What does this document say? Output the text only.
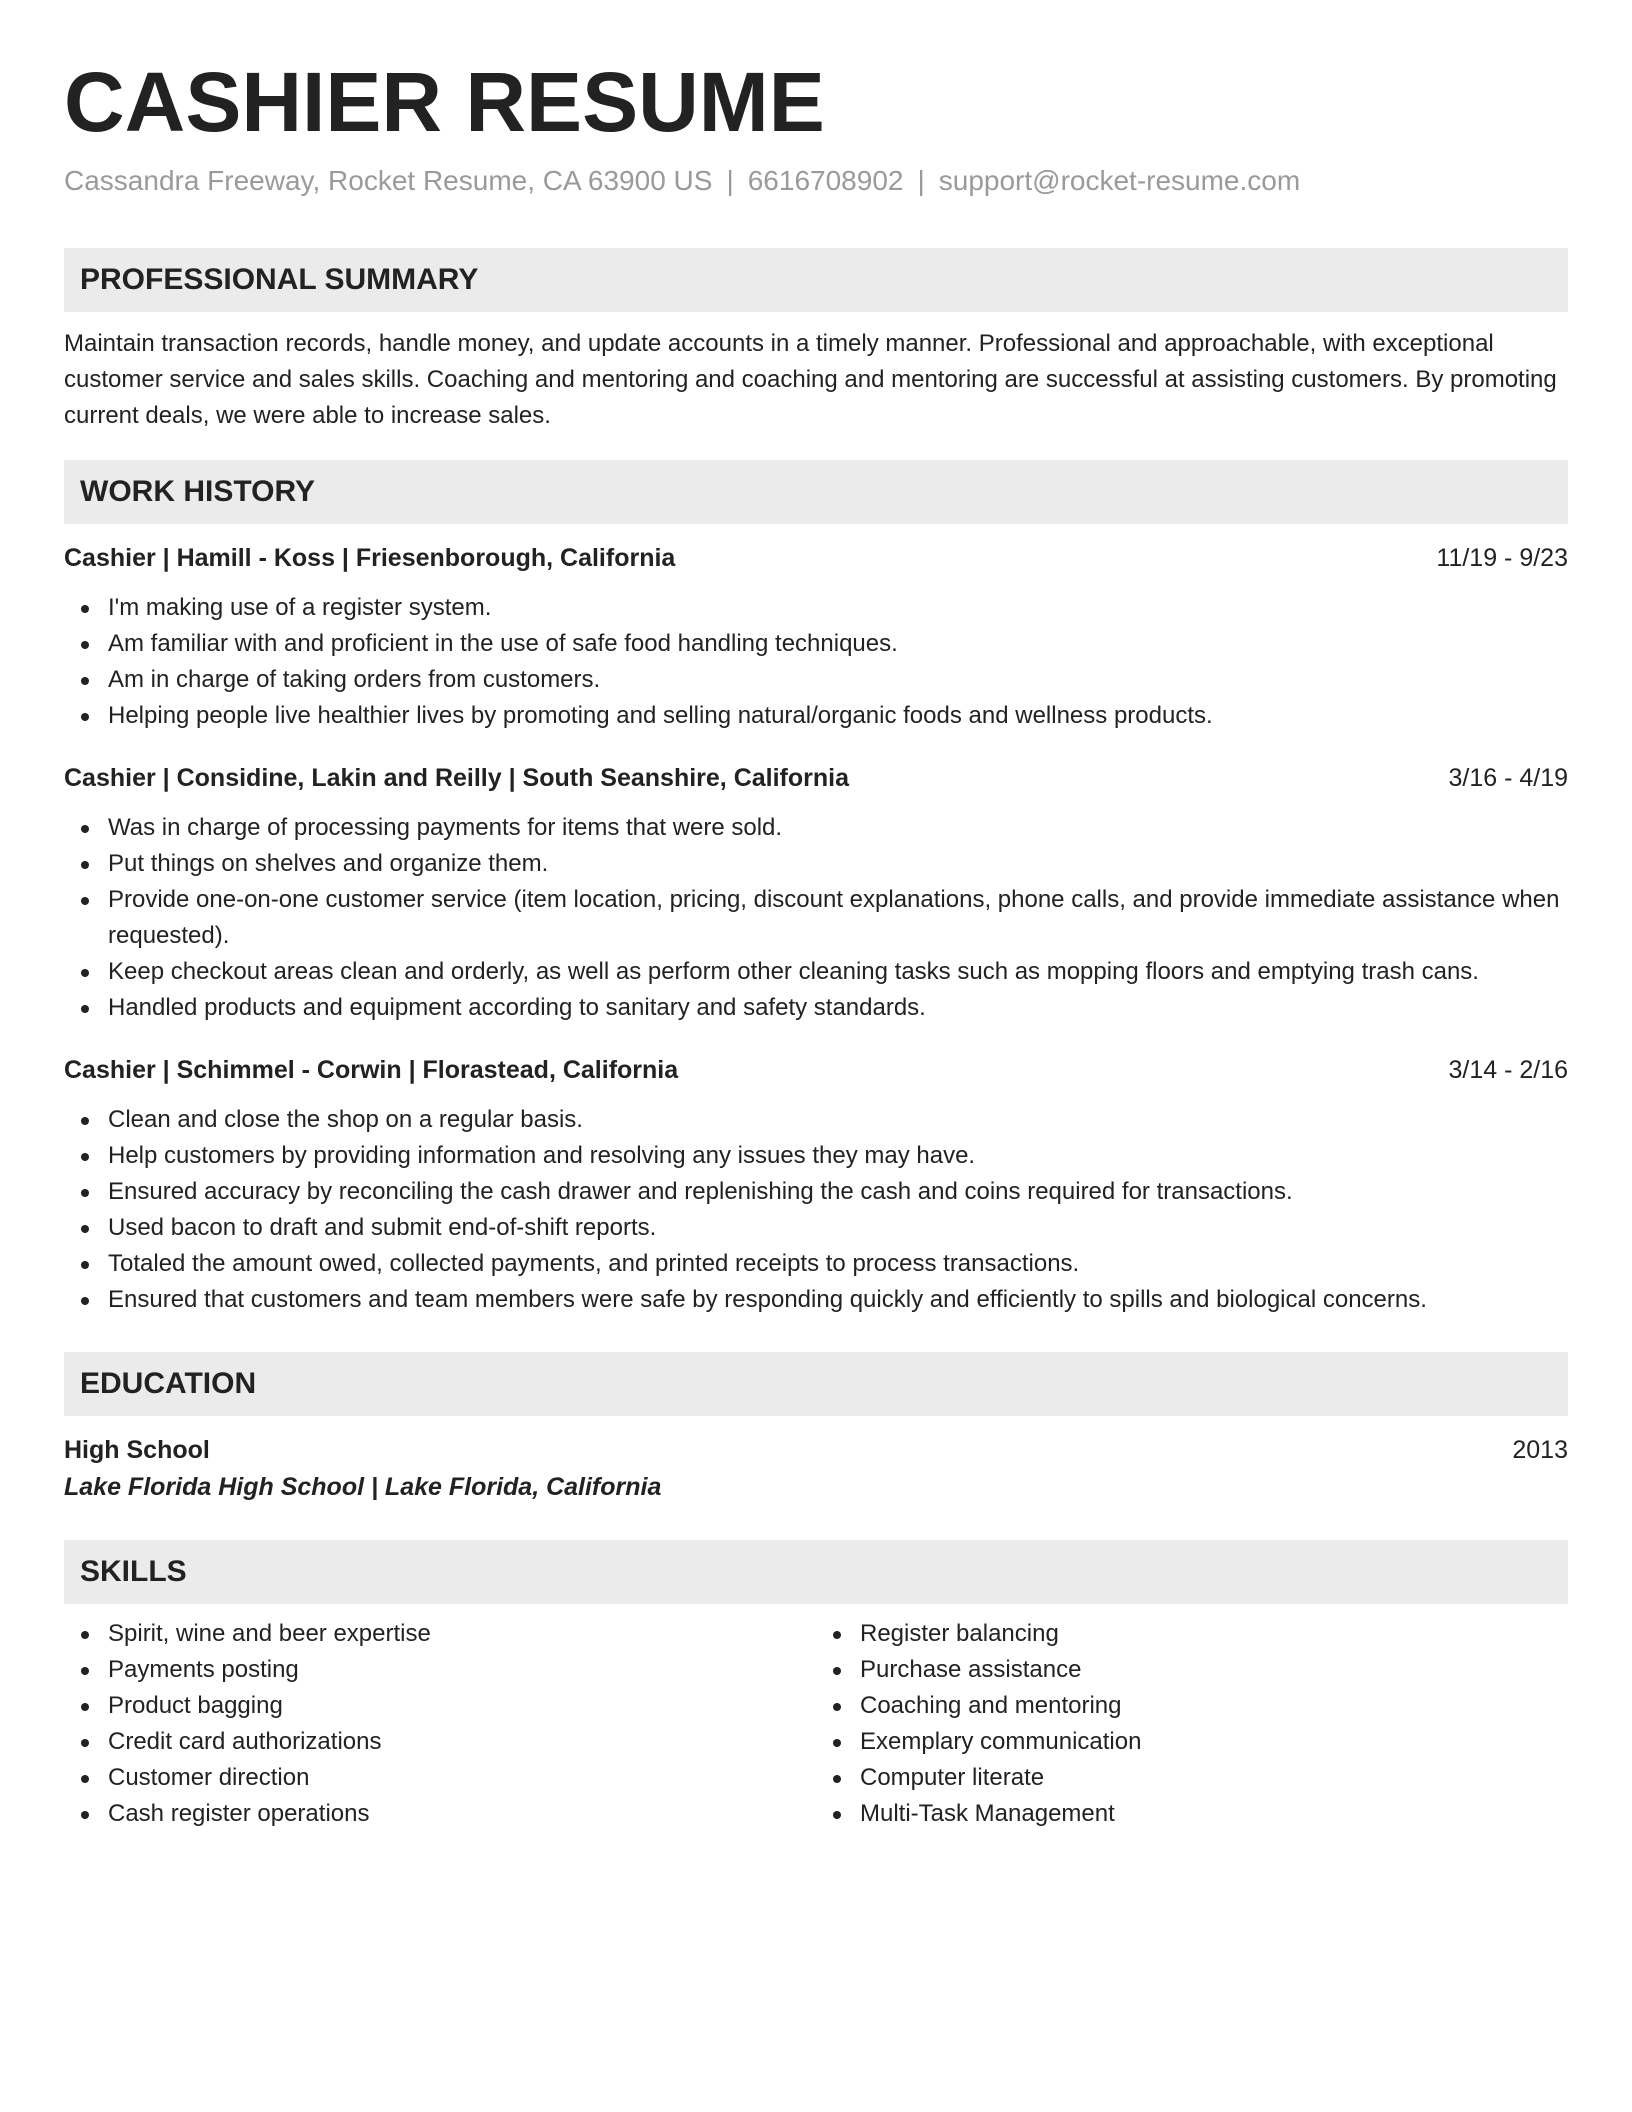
CASHIER RESUME
Cassandra Freeway, Rocket Resume, CA 63900 US | 6616708902 | support@rocket-resume.com
PROFESSIONAL SUMMARY
Maintain transaction records, handle money, and update accounts in a timely manner. Professional and approachable, with exceptional customer service and sales skills. Coaching and mentoring and coaching and mentoring are successful at assisting customers. By promoting current deals, we were able to increase sales.
WORK HISTORY
Cashier | Hamill - Koss | Friesenborough, California	11/19 - 9/23
I'm making use of a register system.
Am familiar with and proficient in the use of safe food handling techniques.
Am in charge of taking orders from customers.
Helping people live healthier lives by promoting and selling natural/organic foods and wellness products.
Cashier | Considine, Lakin and Reilly | South Seanshire, California	3/16 - 4/19
Was in charge of processing payments for items that were sold.
Put things on shelves and organize them.
Provide one-on-one customer service (item location, pricing, discount explanations, phone calls, and provide immediate assistance when requested).
Keep checkout areas clean and orderly, as well as perform other cleaning tasks such as mopping floors and emptying trash cans.
Handled products and equipment according to sanitary and safety standards.
Cashier | Schimmel - Corwin | Florastead, California	3/14 - 2/16
Clean and close the shop on a regular basis.
Help customers by providing information and resolving any issues they may have.
Ensured accuracy by reconciling the cash drawer and replenishing the cash and coins required for transactions.
Used bacon to draft and submit end-of-shift reports.
Totaled the amount owed, collected payments, and printed receipts to process transactions.
Ensured that customers and team members were safe by responding quickly and efficiently to spills and biological concerns.
EDUCATION
High School	2013
Lake Florida High School | Lake Florida, California
SKILLS
Spirit, wine and beer expertise
Payments posting
Product bagging
Credit card authorizations
Customer direction
Cash register operations
Register balancing
Purchase assistance
Coaching and mentoring
Exemplary communication
Computer literate
Multi-Task Management
